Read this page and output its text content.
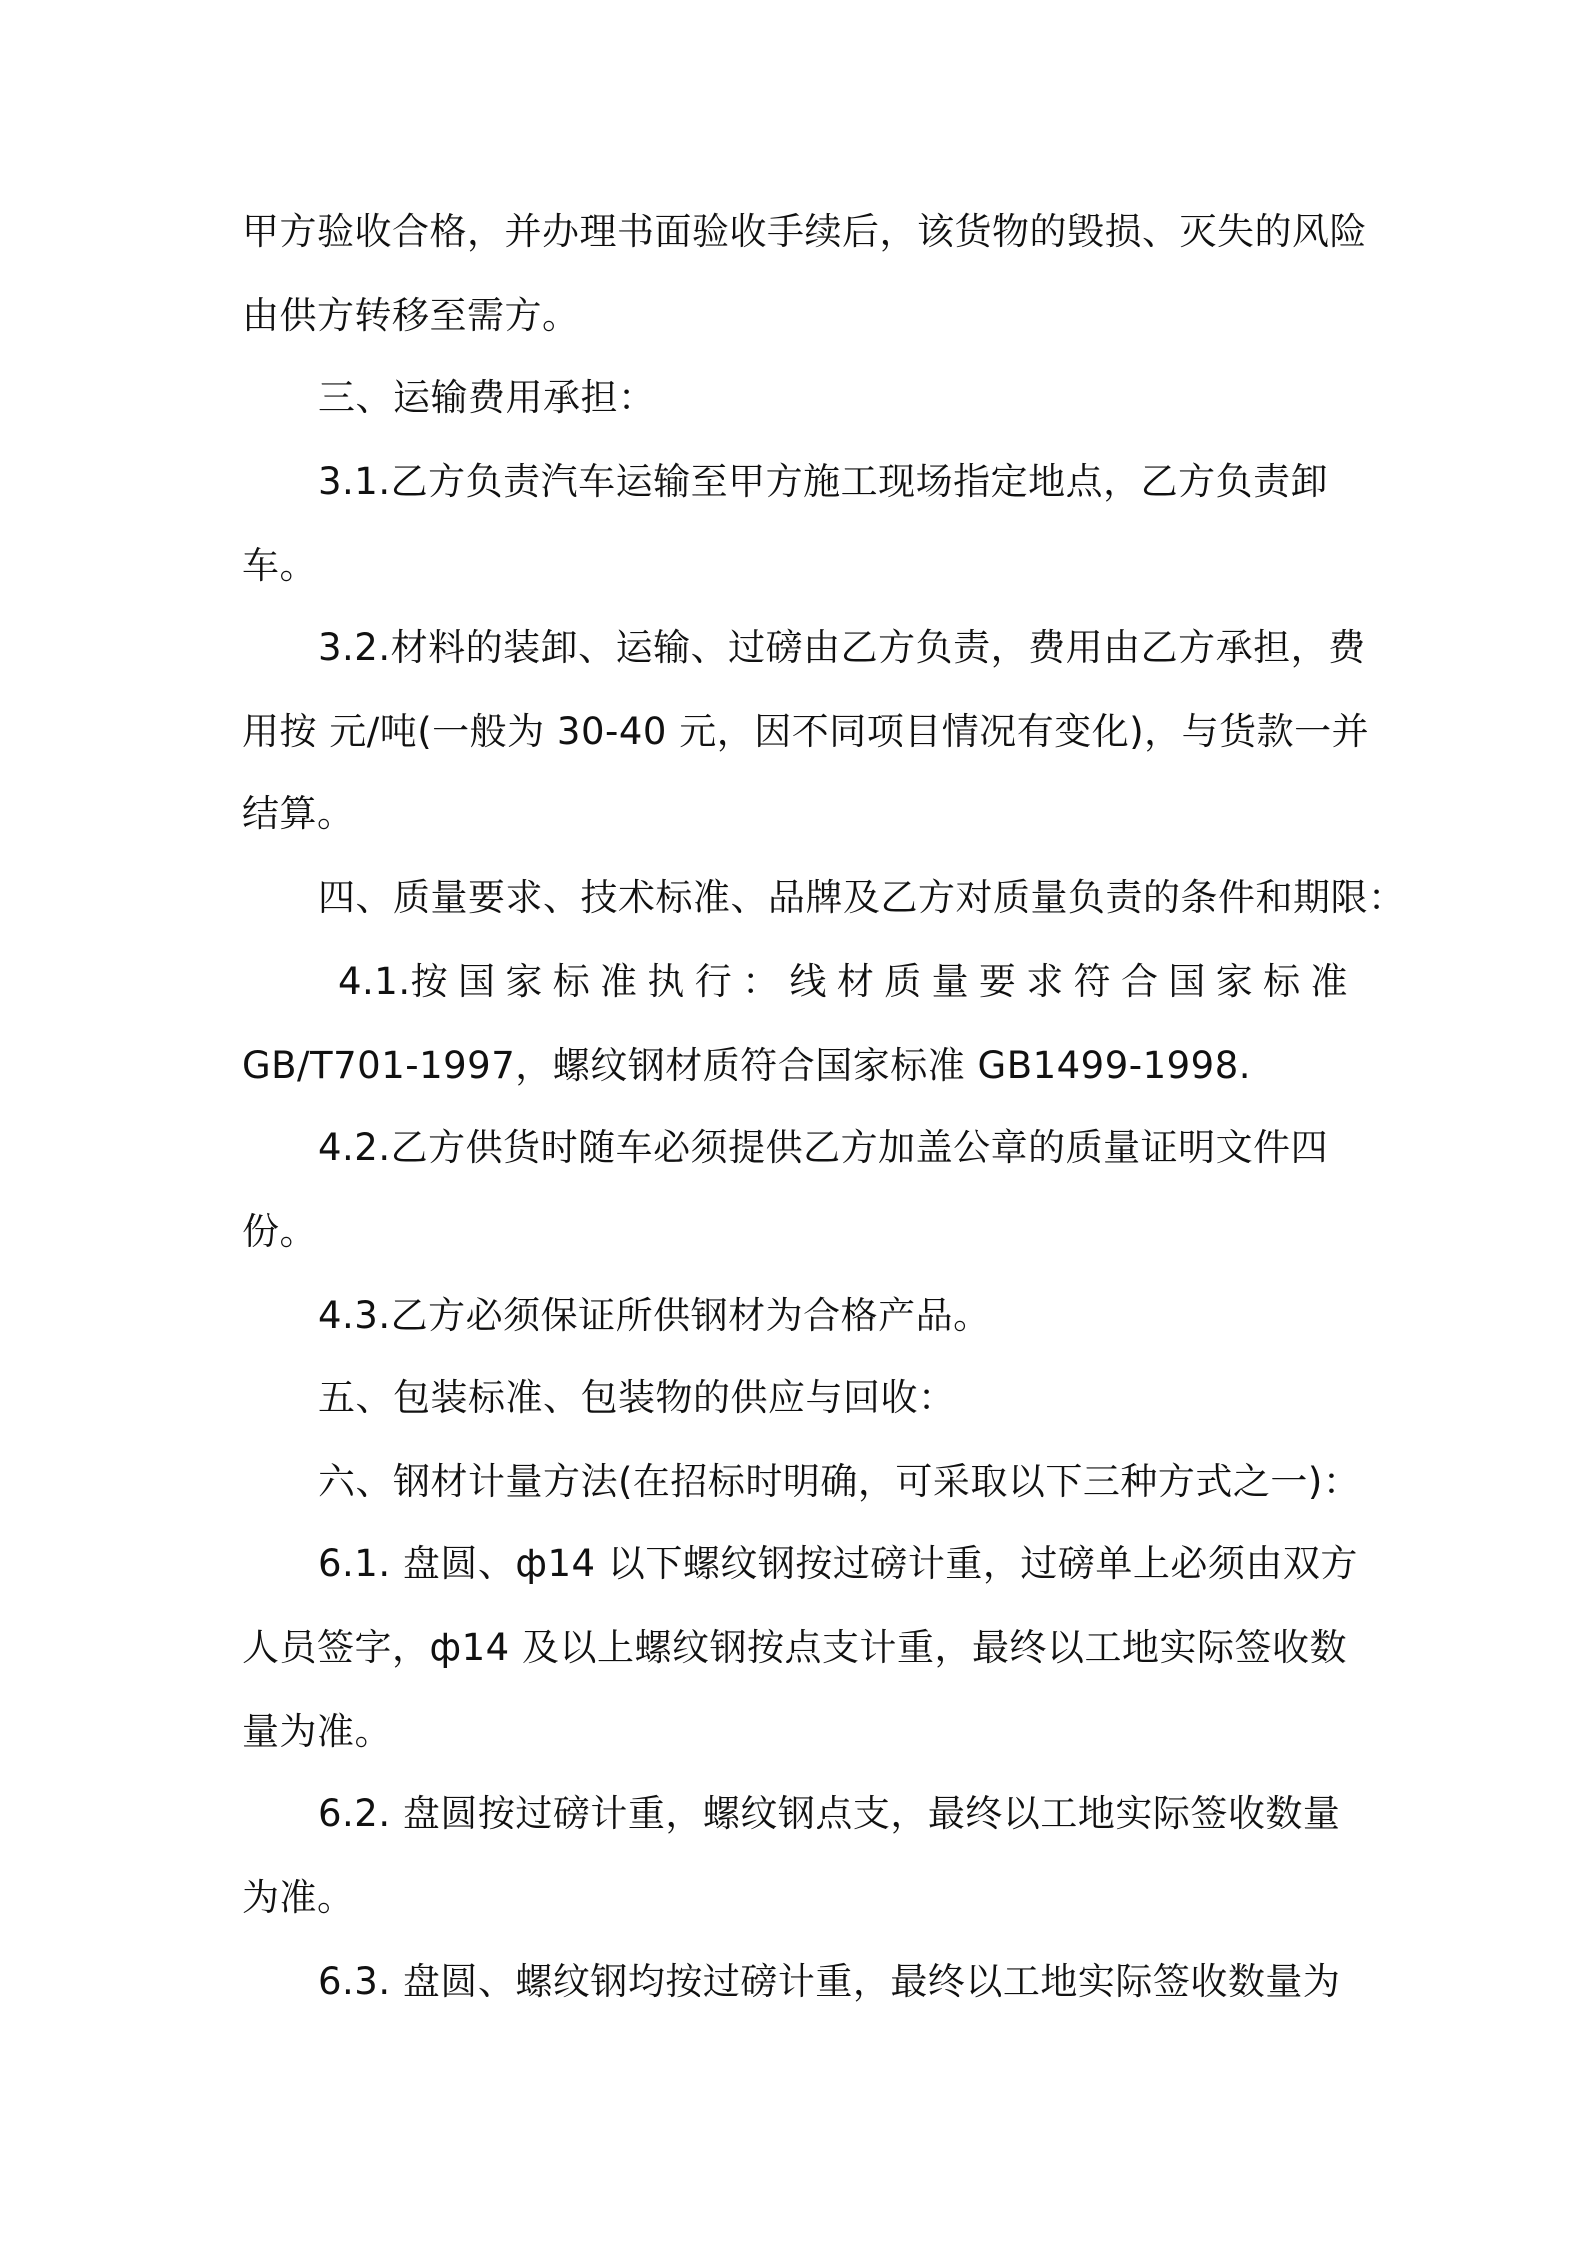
甲方验收合格，并办理书面验收手续后，该货物的毁损、灭失的风险
由供方转移至需方。
三、运输费用承担：
3.1.乙方负责汽车运输至甲方施工现场指定地点，乙方负责卸
车。
3.2.材料的装卸、运输、过磅由乙方负责，费用由乙方承担，费
用按 元/吨(一般为 30-40 元，因不同项目情况有变化)，与货款一并
结算。
四、质量要求、技术标准、品牌及乙方对质量负责的条件和期限：
4.1.按 国 家 标 准 执 行 ： 线 材 质 量 要 求 符 合 国 家 标 准
GB/T701-1997，螺纹钢材质符合国家标准 GB1499-1998.
4.2.乙方供货时随车必须提供乙方加盖公章的质量证明文件四
份。
4.3.乙方必须保证所供钢材为合格产品。
五、包装标准、包装物的供应与回收：
六、钢材计量方法(在招标时明确，可采取以下三种方式之一)：
6.1. 盘圆、ф14 以下螺纹钢按过磅计重，过磅单上必须由双方
人员签字，ф14 及以上螺纹钢按点支计重，最终以工地实际签收数
量为准。
6.2. 盘圆按过磅计重，螺纹钢点支，最终以工地实际签收数量
为准。
6.3. 盘圆、螺纹钢均按过磅计重，最终以工地实际签收数量为
